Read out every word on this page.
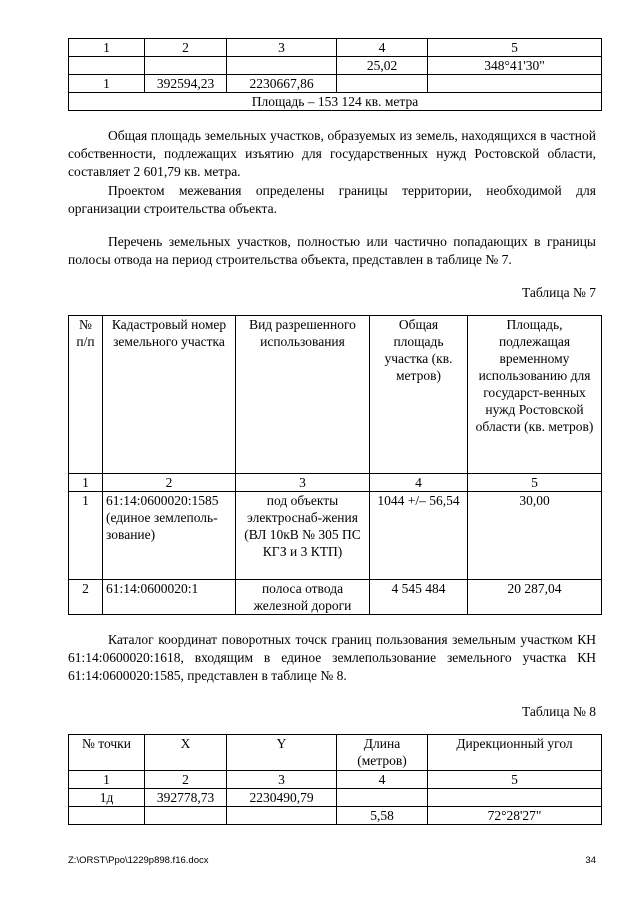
1	2	3	4	5
			25,02	348°41'30"
1	392594,23	2230667,86		
Площадь – 153 124 кв. метра				

Общая площадь земельных участков, образуемых из земель, находящихся в частной собственности, подлежащих изъятию для государственных нужд Ростовской области, составляет 2 601,79 кв. метра.

Проектом межевания определены границы территории, необходимой для организации строительства объекта.

Перечень земельных участков, полностью или частично попадающих в границы полосы отвода на период строительства объекта, представлен в таблице № 7.

Таблица № 7
№ п/п	Кадастровый номер земельного участка	Вид разрешенного использования	Общая площадь участка (кв. метров)	Площадь, подлежащая временному использованию для государст-венных нужд Ростовской области (кв. метров)
1	2	3	4	5
1	61:14:0600020:1585 (единое землеполь-зование)	под объекты электроснаб-жения (ВЛ 10кВ № 305 ПС КГЗ и 3 КТП)	1044 +/– 56,54	30,00
2	61:14:0600020:1	полоса отвода железной дороги	4 545 484	20 287,04

Каталог координат поворотных точск границ пользования земельным участком КН 61:14:0600020:1618, входящим в единое землепользование земельного участка КН 61:14:0600020:1585, представлен в таблице № 8.

Таблица № 8
№ точки	X	Y	Длина (метров)	Дирекционный угол
1	2	3	4	5
1д	392778,73	2230490,79		
			5,58	72°28'27"
Z:\ORST\Ppo\1229p898.f16.docx	34
